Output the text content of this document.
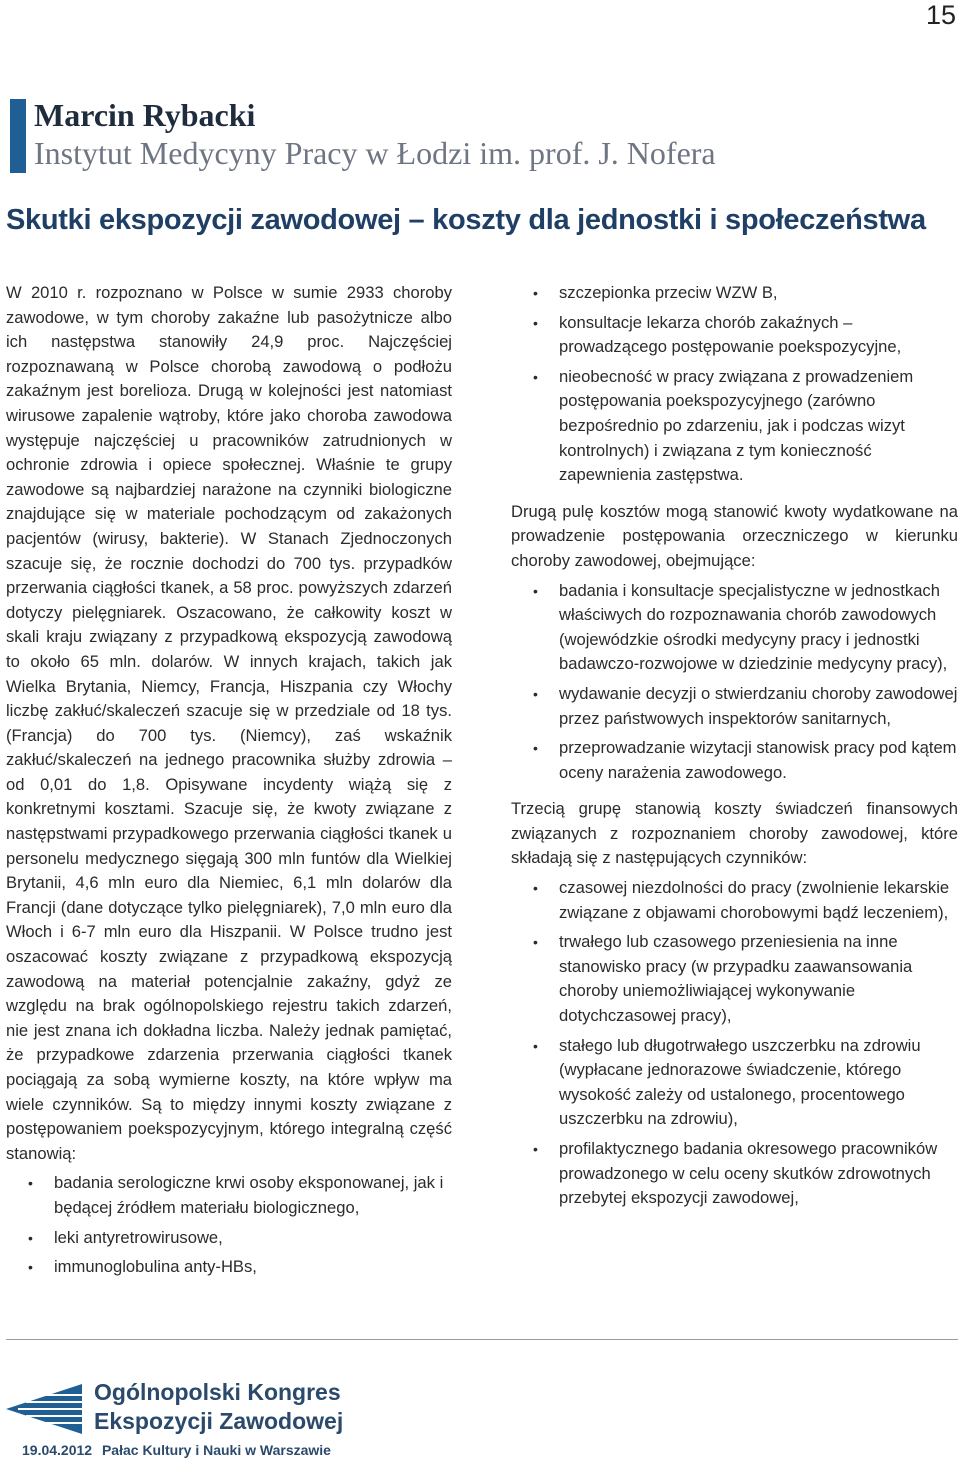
15
Marcin Rybacki
Instytut Medycyny Pracy w Łodzi im. prof. J. Nofera
Skutki ekspozycji zawodowej – koszty dla jednostki i społeczeństwa

W 2010 r. rozpoznano w Polsce w sumie 2933 choroby zawodowe, w tym choroby zakaźne lub pasożytnicze albo ich następstwa stanowiły 24,9 proc. Najczęściej rozpoznawaną w Polsce chorobą zawodową o podłożu zakaźnym jest borelioza. Drugą w kolejności jest natomiast wirusowe zapalenie wątroby, które jako choroba zawodowa występuje najczęściej u pracowników zatrudnionych w ochronie zdrowia i opiece społecznej. Właśnie te grupy zawodowe są najbardziej narażone na czynniki biologiczne znajdujące się w materiale pochodzącym od zakażonych pacjentów (wirusy, bakterie). W Stanach Zjednoczonych szacuje się, że rocznie dochodzi do 700 tys. przypadków przerwania ciągłości tkanek, a 58 proc. powyższych zdarzeń dotyczy pielęgniarek. Oszacowano, że całkowity koszt w skali kraju związany z przypadkową ekspozycją zawodową to około 65 mln. dolarów. W innych krajach, takich jak Wielka Brytania, Niemcy, Francja, Hiszpania czy Włochy liczbę zakłuć/skaleczeń szacuje się w przedziale od 18 tys. (Francja) do 700 tys. (Niemcy), zaś wskaźnik zakłuć/skaleczeń na jednego pracownika służby zdrowia – od 0,01 do 1,8. Opisywane incydenty wiążą się z konkretnymi kosztami. Szacuje się, że kwoty związane z następstwami przypadkowego przerwania ciągłości tkanek u personelu medycznego sięgają 300 mln funtów dla Wielkiej Brytanii, 4,6 mln euro dla Niemiec, 6,1 mln dolarów dla Francji (dane dotyczące tylko pielęgniarek), 7,0 mln euro dla Włoch i 6-7 mln euro dla Hiszpanii. W Polsce trudno jest oszacować koszty związane z przypadkową ekspozycją zawodową na materiał potencjalnie zakaźny, gdyż ze względu na brak ogólnopolskiego rejestru takich zdarzeń, nie jest znana ich dokładna liczba. Należy jednak pamiętać, że przypadkowe zdarzenia przerwania ciągłości tkanek pociągają za sobą wymierne koszty, na które wpływ ma wiele czynników. Są to między innymi koszty związane z postępowaniem poekspozycyjnym, którego integralną część stanowią:

• badania serologiczne krwi osoby eksponowanej, jak i będącej źródłem materiału biologicznego,
• leki antyretrowirusowe,
• immunoglobulina anty-HBs,
• szczepionka przeciw WZW B,
• konsultacje lekarza chorób zakaźnych – prowadzącego postępowanie poekspozycyjne,
• nieobecność w pracy związana z prowadzeniem postępowania poekspozycyjnego (zarówno bezpośrednio po zdarzeniu, jak i podczas wizyt kontrolnych) i związana z tym konieczność zapewnienia zastępstwa.

Drugą pulę kosztów mogą stanowić kwoty wydatkowane na prowadzenie postępowania orzeczniczego w kierunku choroby zawodowej, obejmujące:

• badania i konsultacje specjalistyczne w jednostkach właściwych do rozpoznawania chorób zawodowych (wojewódzkie ośrodki medycyny pracy i jednostki badawczo-rozwojowe w dziedzinie medycyny pracy),
• wydawanie decyzji o stwierdzaniu choroby zawodowej przez państwowych inspektorów sanitarnych,
• przeprowadzanie wizytacji stanowisk pracy pod kątem oceny narażenia zawodowego.

Trzecią grupę stanowią koszty świadczeń finansowych związanych z rozpoznaniem choroby zawodowej, które składają się z następujących czynników:

• czasowej niezdolności do pracy (zwolnienie lekarskie związane z objawami chorobowymi bądź leczeniem),
• trwałego lub czasowego przeniesienia na inne stanowisko pracy (w przypadku zaawansowania choroby uniemożliwiającej wykonywanie dotychczasowej pracy),
• stałego lub długotrwałego uszczerbku na zdrowiu (wypłacane jednorazowe świadczenie, którego wysokość zależy od ustalonego, procentowego uszczerbku na zdrowiu),
• profilaktycznego badania okresowego pracowników prowadzonego w celu oceny skutków zdrowotnych przebytej ekspozycji zawodowej,
Ogólnopolski Kongres
Ekspozycji Zawodowej
19.04.2012 Pałac Kultury i Nauki w Warszawie
